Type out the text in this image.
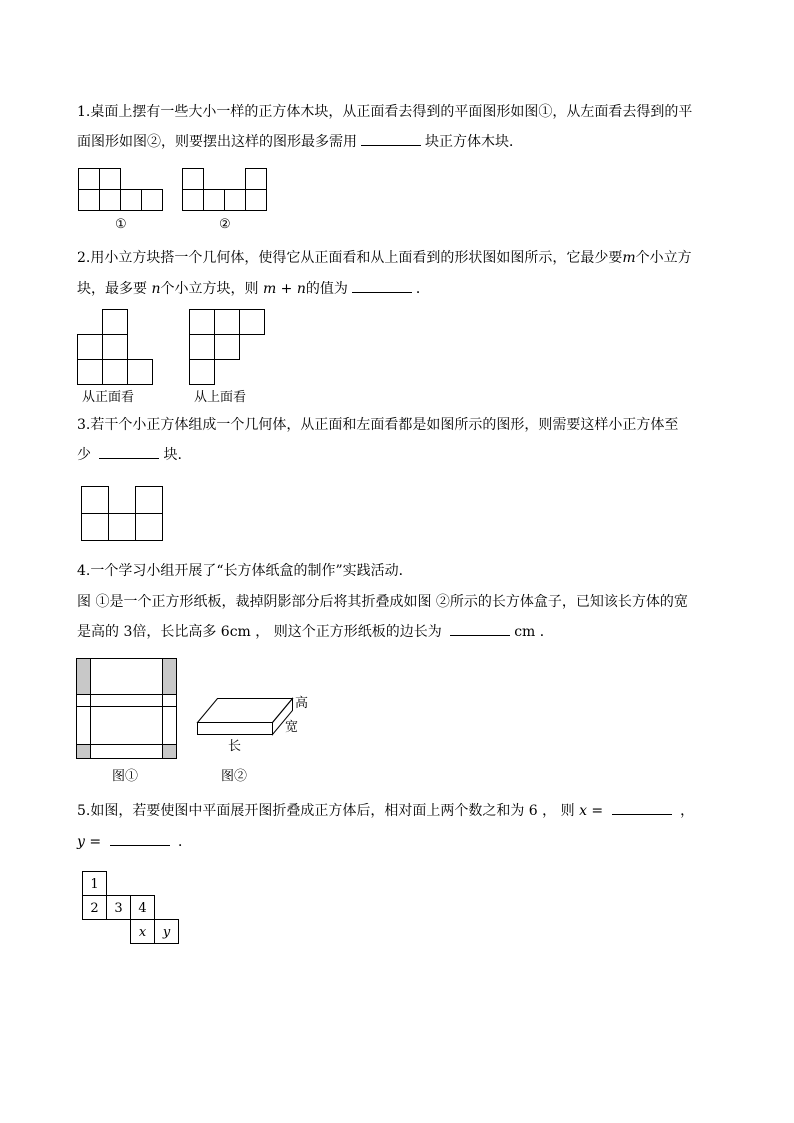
1.桌面上摆有一些大小一样的正方体木块，从正面看去得到的平面图形如图①，从左面看去得到的平
面图形如图②，则要摆出这样的图形最多需用	块正方体木块．
①	②
2.用小立方块搭一个几何体，使得它从正面看和从上面看到的形状图如图所示，它最少要m个小立方
块，最多要 n个小立方块，则 m + n的值为	．
从正面看	从上面看
3.若干个小正方体组成一个几何体，从正面和左面看都是如图所示的图形，则需要这样小正方体至
少	块.
4.一个学习小组开展了“长方体纸盒的制作”实践活动．
图 ①是一个正方形纸板，裁掉阴影部分后将其折叠成如图 ②所示的长方体盒子，已知该长方体的宽
是高的 3倍，长比高多 6cm ， 则这个正方形纸板的边长为	cm ．
图①
高
宽
长
图②
5.如图，若要使图中平面展开图折叠成正方体后，相对面上两个数之和为 6 ， 则 x =	，
y =	．
1
2 3 4
x y
